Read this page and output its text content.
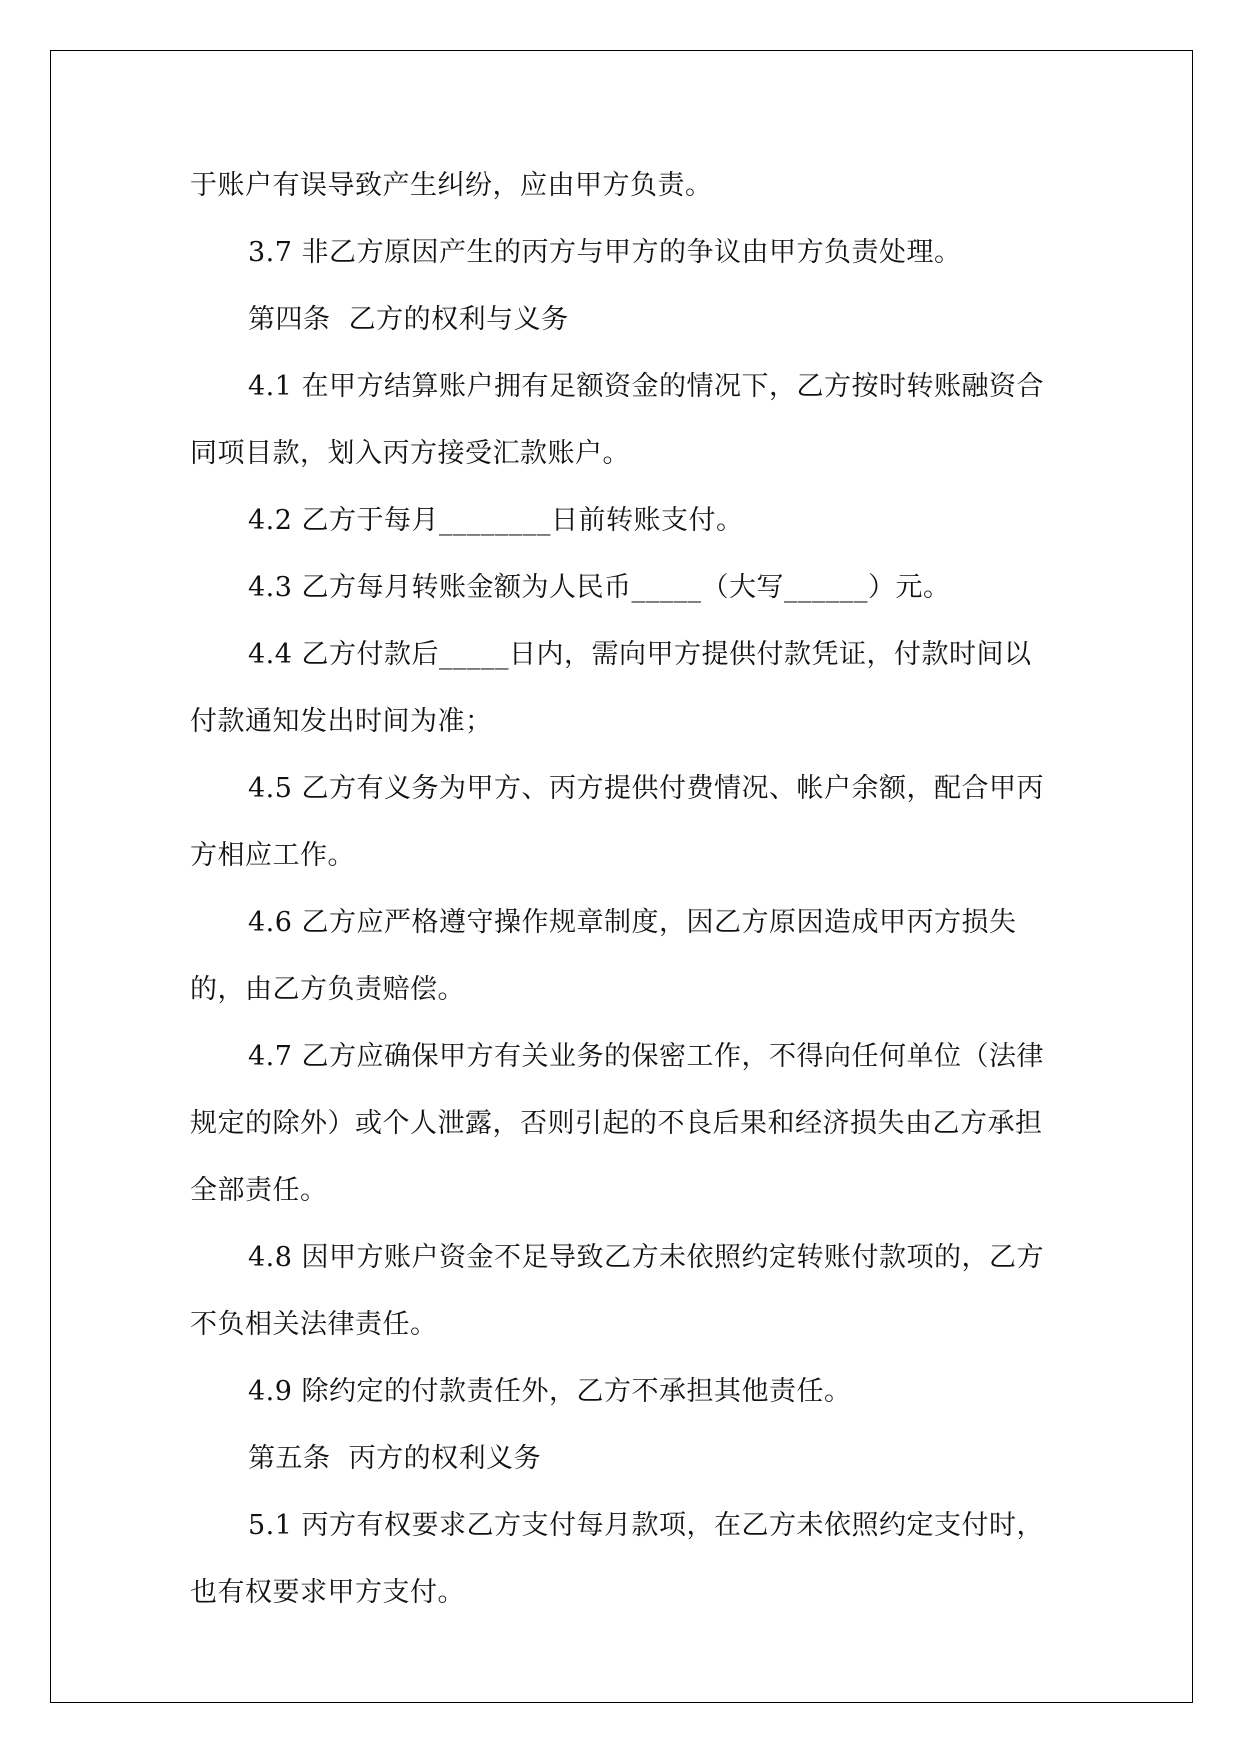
于账户有误导致产生纠纷，应由甲方负责。

3.7 非乙方原因产生的丙方与甲方的争议由甲方负责处理。

第四条  乙方的权利与义务

4.1 在甲方结算账户拥有足额资金的情况下，乙方按时转账融资合同项目款，划入丙方接受汇款账户。

4.2 乙方于每月________日前转账支付。

4.3 乙方每月转账金额为人民币_____（大写______）元。

4.4 乙方付款后_____日内，需向甲方提供付款凭证，付款时间以付款通知发出时间为准；

4.5 乙方有义务为甲方、丙方提供付费情况、帐户余额，配合甲丙方相应工作。

4.6 乙方应严格遵守操作规章制度，因乙方原因造成甲丙方损失的，由乙方负责赔偿。

4.7 乙方应确保甲方有关业务的保密工作，不得向任何单位（法律规定的除外）或个人泄露，否则引起的不良后果和经济损失由乙方承担全部责任。

4.8 因甲方账户资金不足导致乙方未依照约定转账付款项的，乙方不负相关法律责任。

4.9 除约定的付款责任外，乙方不承担其他责任。

第五条  丙方的权利义务

5.1 丙方有权要求乙方支付每月款项，在乙方未依照约定支付时，也有权要求甲方支付。
